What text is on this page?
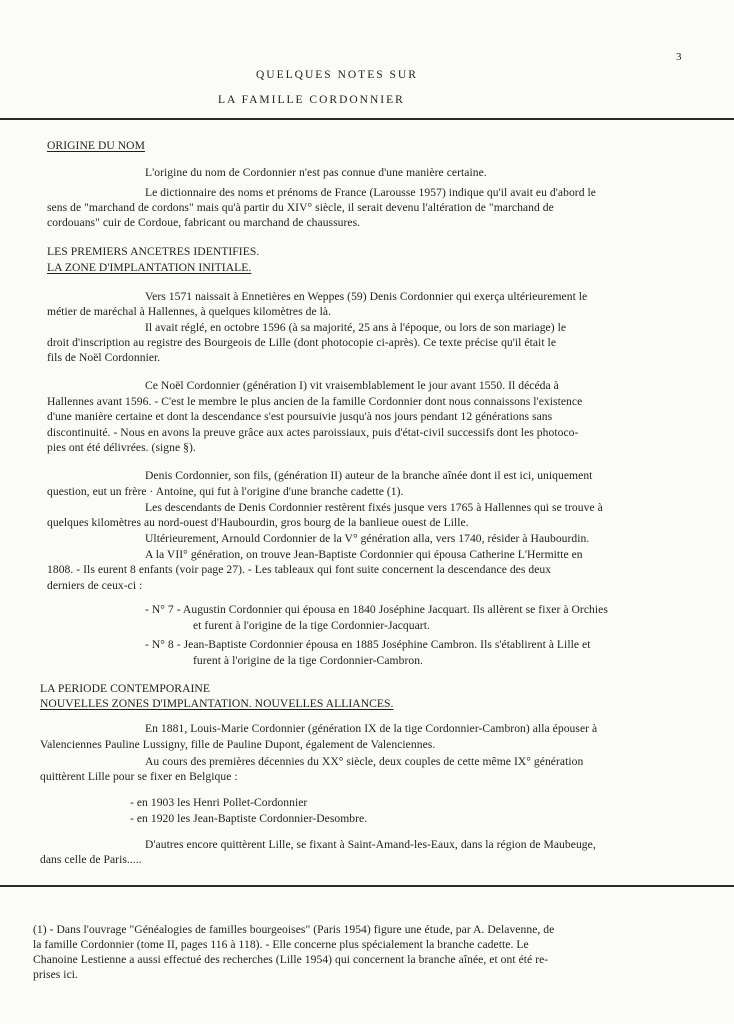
3
QUELQUES NOTES SUR
LA FAMILLE CORDONNIER
ORIGINE DU NOM
L'origine du nom de Cordonnier n'est pas connue d'une manière certaine.
Le dictionnaire des noms et prénoms de France (Larousse 1957) indique qu'il avait eu d'abord le
sens de "marchand de cordons" mais qu'à partir du XIV° siècle, il serait devenu l'altération de "marchand de
cordouans" cuir de Cordoue, fabricant ou marchand de chaussures.
LES PREMIERS ANCETRES IDENTIFIES.
LA ZONE D'IMPLANTATION INITIALE.
Vers 1571 naissait à Ennetières en Weppes (59) Denis Cordonnier qui exerça ultérieurement le
métier de maréchal à Hallennes, à quelques kilomètres de là.
Il avait réglé, en octobre 1596 (à sa majorité, 25 ans à l'époque, ou lors de son mariage) le
droit d'inscription au registre des Bourgeois de Lille (dont photocopie ci-après). Ce texte précise qu'il était le
fils de Noël Cordonnier.
Ce Noël Cordonnier (génération I) vit vraisemblablement le jour avant 1550. Il décéda à
Hallennes avant 1596. - C'est le membre le plus ancien de la famille Cordonnier dont nous connaissons l'existence
d'une manière certaine et dont la descendance s'est poursuivie jusqu'à nos jours pendant 12 générations sans
discontinuité. - Nous en avons la preuve grâce aux actes paroissiaux, puis d'état-civil successifs dont les photoco-
pies ont été délivrées. (signe §).
Denis Cordonnier, son fils, (génération II) auteur de la branche aînée dont il est ici, uniquement
question, eut un frère · Antoine, qui fut à l'origine d'une branche cadette (1).
Les descendants de Denis Cordonnier restèrent fixés jusque vers 1765 à Hallennes qui se trouve à
quelques kilomètres au nord-ouest d'Haubourdin, gros bourg de la banlieue ouest de Lille.
Ultérieurement, Arnould Cordonnier de la V° génération alla, vers 1740, résider à Haubourdin.
A la VII° génération, on trouve Jean-Baptiste Cordonnier qui épousa Catherine L'Hermitte en
1808. - Ils eurent 8 enfants (voir page 27). - Les tableaux qui font suite concernent la descendance des deux
derniers de ceux-ci :
- N° 7 - Augustin Cordonnier qui épousa en 1840 Joséphine Jacquart. Ils allèrent se fixer à Orchies
et furent à l'origine de la tige Cordonnier-Jacquart.
- N° 8 - Jean-Baptiste Cordonnier épousa en 1885 Joséphine Cambron. Ils s'établirent à Lille et
furent à l'origine de la tige Cordonnier-Cambron.
LA PERIODE CONTEMPORAINE
NOUVELLES ZONES D'IMPLANTATION. NOUVELLES ALLIANCES.
En 1881, Louis-Marie Cordonnier (génération IX de la tige Cordonnier-Cambron) alla épouser à
Valenciennes Pauline Lussigny, fille de Pauline Dupont, également de Valenciennes.
Au cours des premières décennies du XX° siècle, deux couples de cette même IX° génération
quittèrent Lille pour se fixer en Belgique :
- en 1903 les Henri Pollet-Cordonnier
- en 1920 les Jean-Baptiste Cordonnier-Desombre.
D'autres encore quittèrent Lille, se fixant à Saint-Amand-les-Eaux, dans la région de Maubeuge,
dans celle de Paris.....
(1) - Dans l'ouvrage "Généalogies de familles bourgeoises" (Paris 1954) figure une étude, par A. Delavenne, de
la famille Cordonnier (tome II, pages 116 à 118). - Elle concerne plus spécialement la branche cadette. Le
Chanoine Lestienne a aussi effectué des recherches (Lille 1954) qui concernent la branche aînée, et ont été re-
prises ici.
